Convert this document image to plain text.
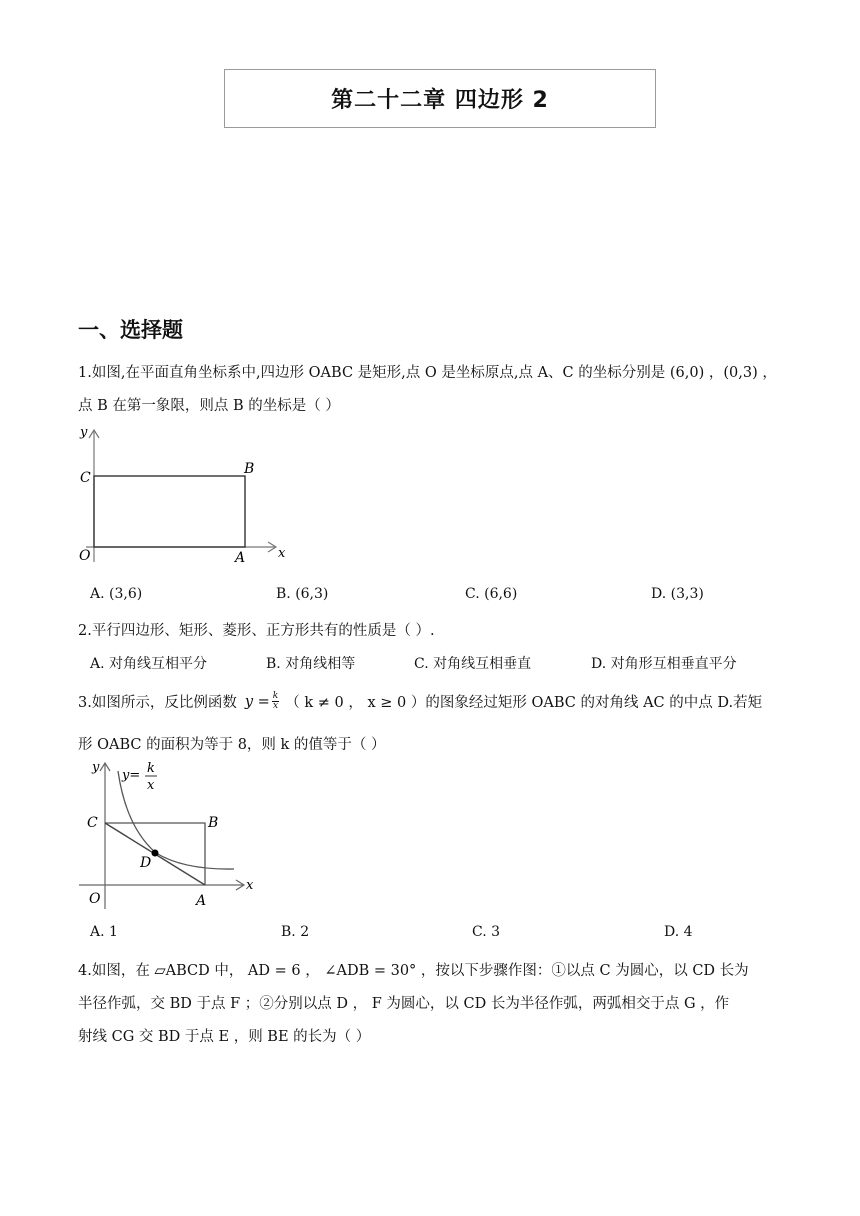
第二十二章 四边形 2
一、选择题
1.如图,在平面直角坐标系中,四边形 OABC 是矩形,点 O 是坐标原点,点 A、C 的坐标分别是 (6,0) ，(0,3) ，
点 B 在第一象限，则点 B 的坐标是（ ）
y
x
C
B
O	A
A. (3,6)	B. (6,3)	C. (6,6)	D. (3,3)
2.平行四边形、矩形、菱形、正方形共有的性质是（ ）.
A. 对角线互相平分	B. 对角线相等	C. 对角线互相垂直	D. 对角形互相垂直平分
3.如图所示，反比例函数 $y = \frac{k}{x}$ （ k ≠ 0 ， x ≥ 0 ） 的图象经过矩形 OABC 的对角线 AC 的中点 D.若矩
形 OABC 的面积为等于 8，则 k 的值等于（ ）
y
y= k
x
C	B
D
O	A
x
A. 1	B. 2	C. 3	D. 4
4.如图，在 ▱ABCD 中， AD = 6 ， ∠ADB = 30° ，按以下步骤作图：①以点 C 为圆心，以 CD 长为
半径作弧，交 BD 于点 F ；②分别以点 D ， F 为圆心，以 CD 长为半径作弧，两弧相交于点 G ，作
射线 CG 交 BD 于点 E ，则 BE 的长为（ ）
